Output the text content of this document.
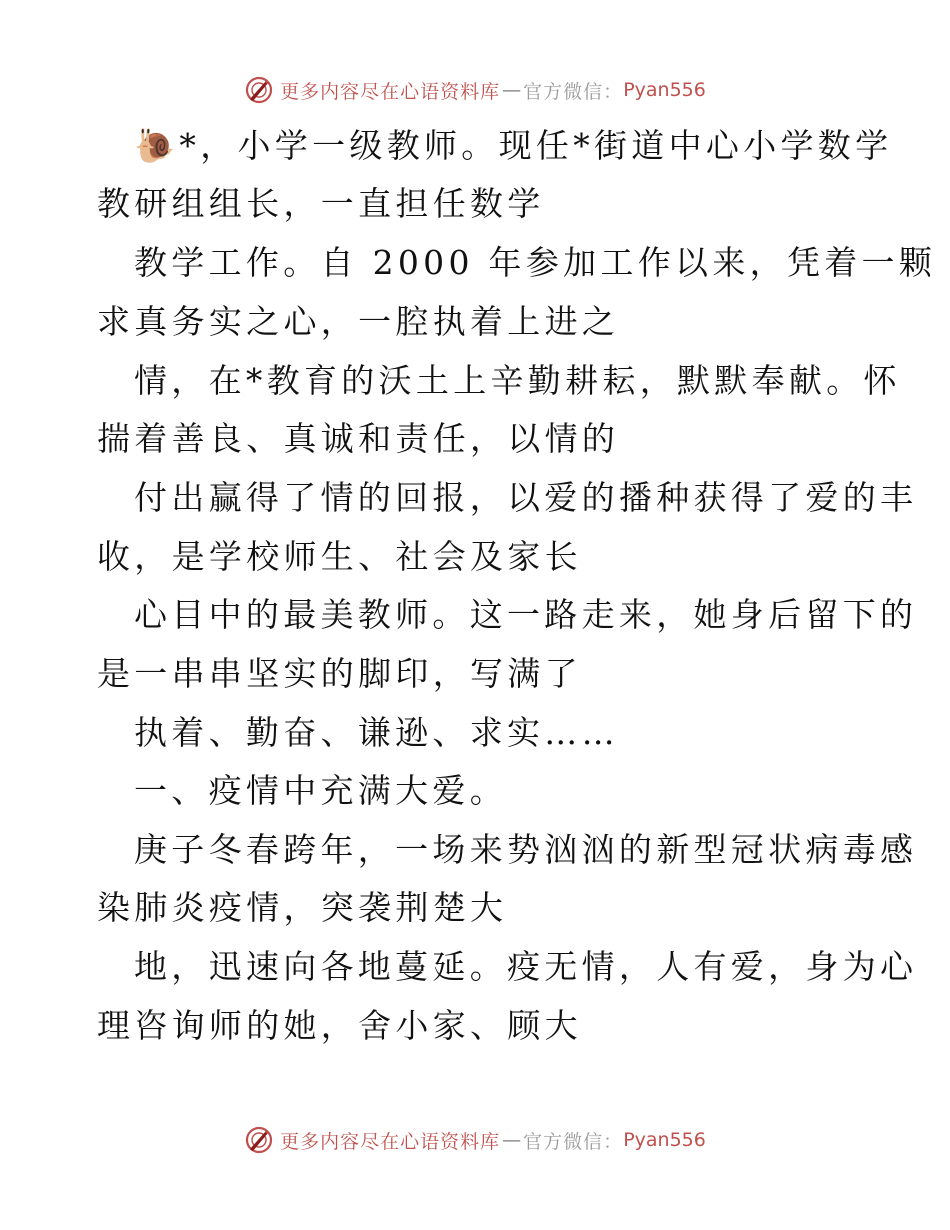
更多内容尽在心语资料库 — 官方微信： Pyan556
🐌*，小学一级教师。现任*街道中心小学数学
教研组组长，一直担任数学
教学工作。自 2000 年参加工作以来，凭着一颗
求真务实之心，一腔执着上进之
情，在*教育的沃土上辛勤耕耘，默默奉献。怀
揣着善良、真诚和责任，以情的
付出赢得了情的回报，以爱的播种获得了爱的丰
收，是学校师生、社会及家长
心目中的最美教师。这一路走来，她身后留下的
是一串串坚实的脚印，写满了
执着、勤奋、谦逊、求实……
一、疫情中充满大爱。
庚子冬春跨年，一场来势汹汹的新型冠状病毒感
染肺炎疫情，突袭荆楚大
地，迅速向各地蔓延。疫无情，人有爱，身为心
理咨询师的她，舍小家、顾大
更多内容尽在心语资料库 — 官方微信： Pyan556
